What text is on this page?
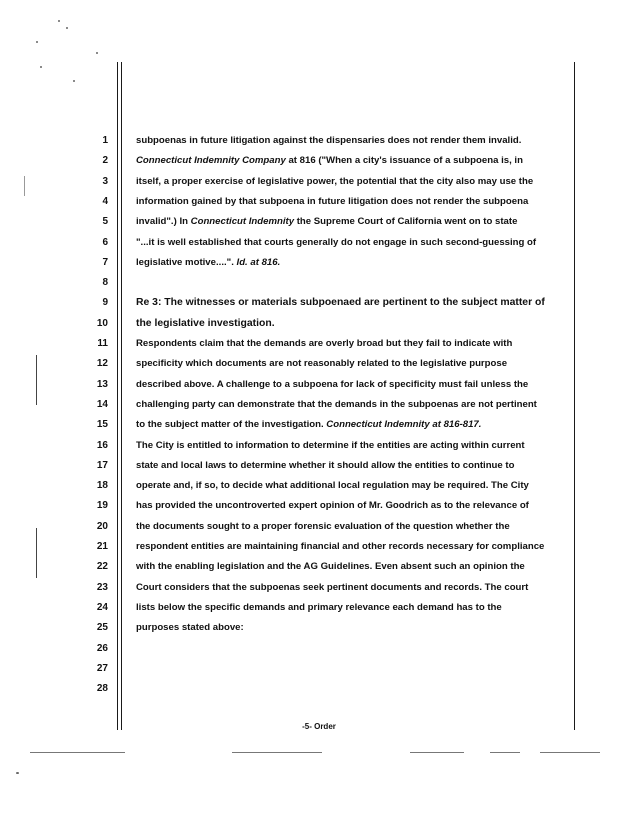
1
2
3
4
5
6
7
8
9
10
11
12
13
14
15
16
17
18
19
20
21
22
23
24
25
26
27
28
subpoenas in future litigation against the dispensaries does not render them invalid.
Connecticut Indemnity Company at 816 ("When a city's issuance of a subpoena is, in
itself, a proper exercise of legislative power, the potential that the city also may use the
information gained by that subpoena in future litigation does not render the subpoena
invalid".) In Connecticut Indemnity the Supreme Court of California went on to state
"...it is well established that courts generally do not engage in such second-guessing of
legislative motive....". Id. at 816.
Re 3: The witnesses or materials subpoenaed are pertinent to the subject matter of
the legislative investigation.
Respondents claim that the demands are overly broad but they fail to indicate with
specificity which documents are not reasonably related to the legislative purpose
described above. A challenge to a subpoena for lack of specificity must fail unless the
challenging party can demonstrate that the demands in the subpoenas are not pertinent
to the subject matter of the investigation. Connecticut Indemnity at 816-817.
The City is entitled to information to determine if the entities are acting within current
state and local laws to determine whether it should allow the entities to continue to
operate and, if so, to decide what additional local regulation may be required. The City
has provided the uncontroverted expert opinion of Mr. Goodrich as to the relevance of
the documents sought to a proper forensic evaluation of the question whether the
respondent entities are maintaining financial and other records necessary for compliance
with the enabling legislation and the AG Guidelines. Even absent such an opinion the
Court considers that the subpoenas seek pertinent documents and records. The court
lists below the specific demands and primary relevance each demand has to the
purposes stated above:
-5- Order
